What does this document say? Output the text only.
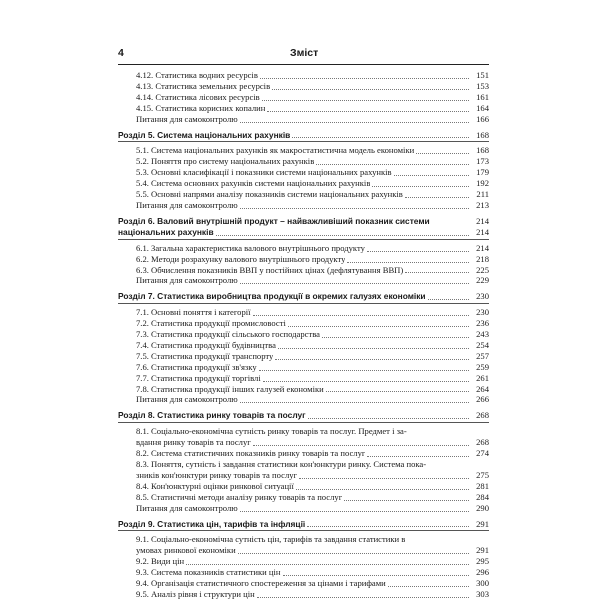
4	Зміст
4.12. Статистика водних ресурсів	151
4.13. Статистика земельних ресурсів	153
4.14. Статистика лісових ресурсів	161
4.15. Статистика корисних копалин	164
Питання для самоконтролю	166
Розділ 5. Система національних рахунків	168
5.1. Система національних рахунків як макростатистична модель економіки	168
5.2. Поняття про систему національних рахунків	173
5.3. Основні класифікації і показники системи національних рахунків	179
5.4. Система основних рахунків системи національних рахунків	192
5.5. Основні напрями аналізу показників системи національних рахунків	211
Питання для самоконтролю	213
Розділ 6. Валовий внутрішній продукт – найважливіший показник системи	214
національних рахунків	214
6.1. Загальна характеристика валового внутрішнього продукту	214
6.2. Методи розрахунку валового внутрішнього продукту	218
6.3. Обчислення показників ВВП у постійних цінах (дефлятування ВВП)	225
Питання для самоконтролю	229
Розділ 7. Статистика виробництва продукції в окремих галузях економіки	230
7.1. Основні поняття і категорії	230
7.2. Статистика продукції промисловості	236
7.3. Статистика продукції сільського господарства	243
7.4. Статистика продукції будівництва	254
7.5. Статистика продукції транспорту	257
7.6. Статистика продукції зв'язку	259
7.7. Статистика продукції торгівлі	261
7.8. Статистика продукції інших галузей економіки	264
Питання для самоконтролю	266
Розділ 8. Статистика ринку товарів та послуг	268
8.1. Соціально-економічна сутність ринку товарів та послуг. Предмет і за-
вдання ринку товарів та послуг	268
8.2. Система статистичних показників ринку товарів та послуг	274
8.3. Поняття, сутність і завдання статистики кон'юнктури ринку. Система пока-
зників кон'юнктури ринку товарів та послуг	275
8.4. Кон'юнктурні оцінки ринкової ситуації	281
8.5. Статистичні методи аналізу ринку товарів та послуг	284
Питання для самоконтролю	290
Розділ 9. Статистика цін, тарифів та інфляції	291
9.1. Соціально-економічна сутність цін, тарифів та завдання статистики в
умовах ринкової економіки	291
9.2. Види цін	295
9.3. Система показників статистики цін	296
9.4. Організація статистичного спостереження за цінами і тарифами	300
9.5. Аналіз рівня і структури цін	303
